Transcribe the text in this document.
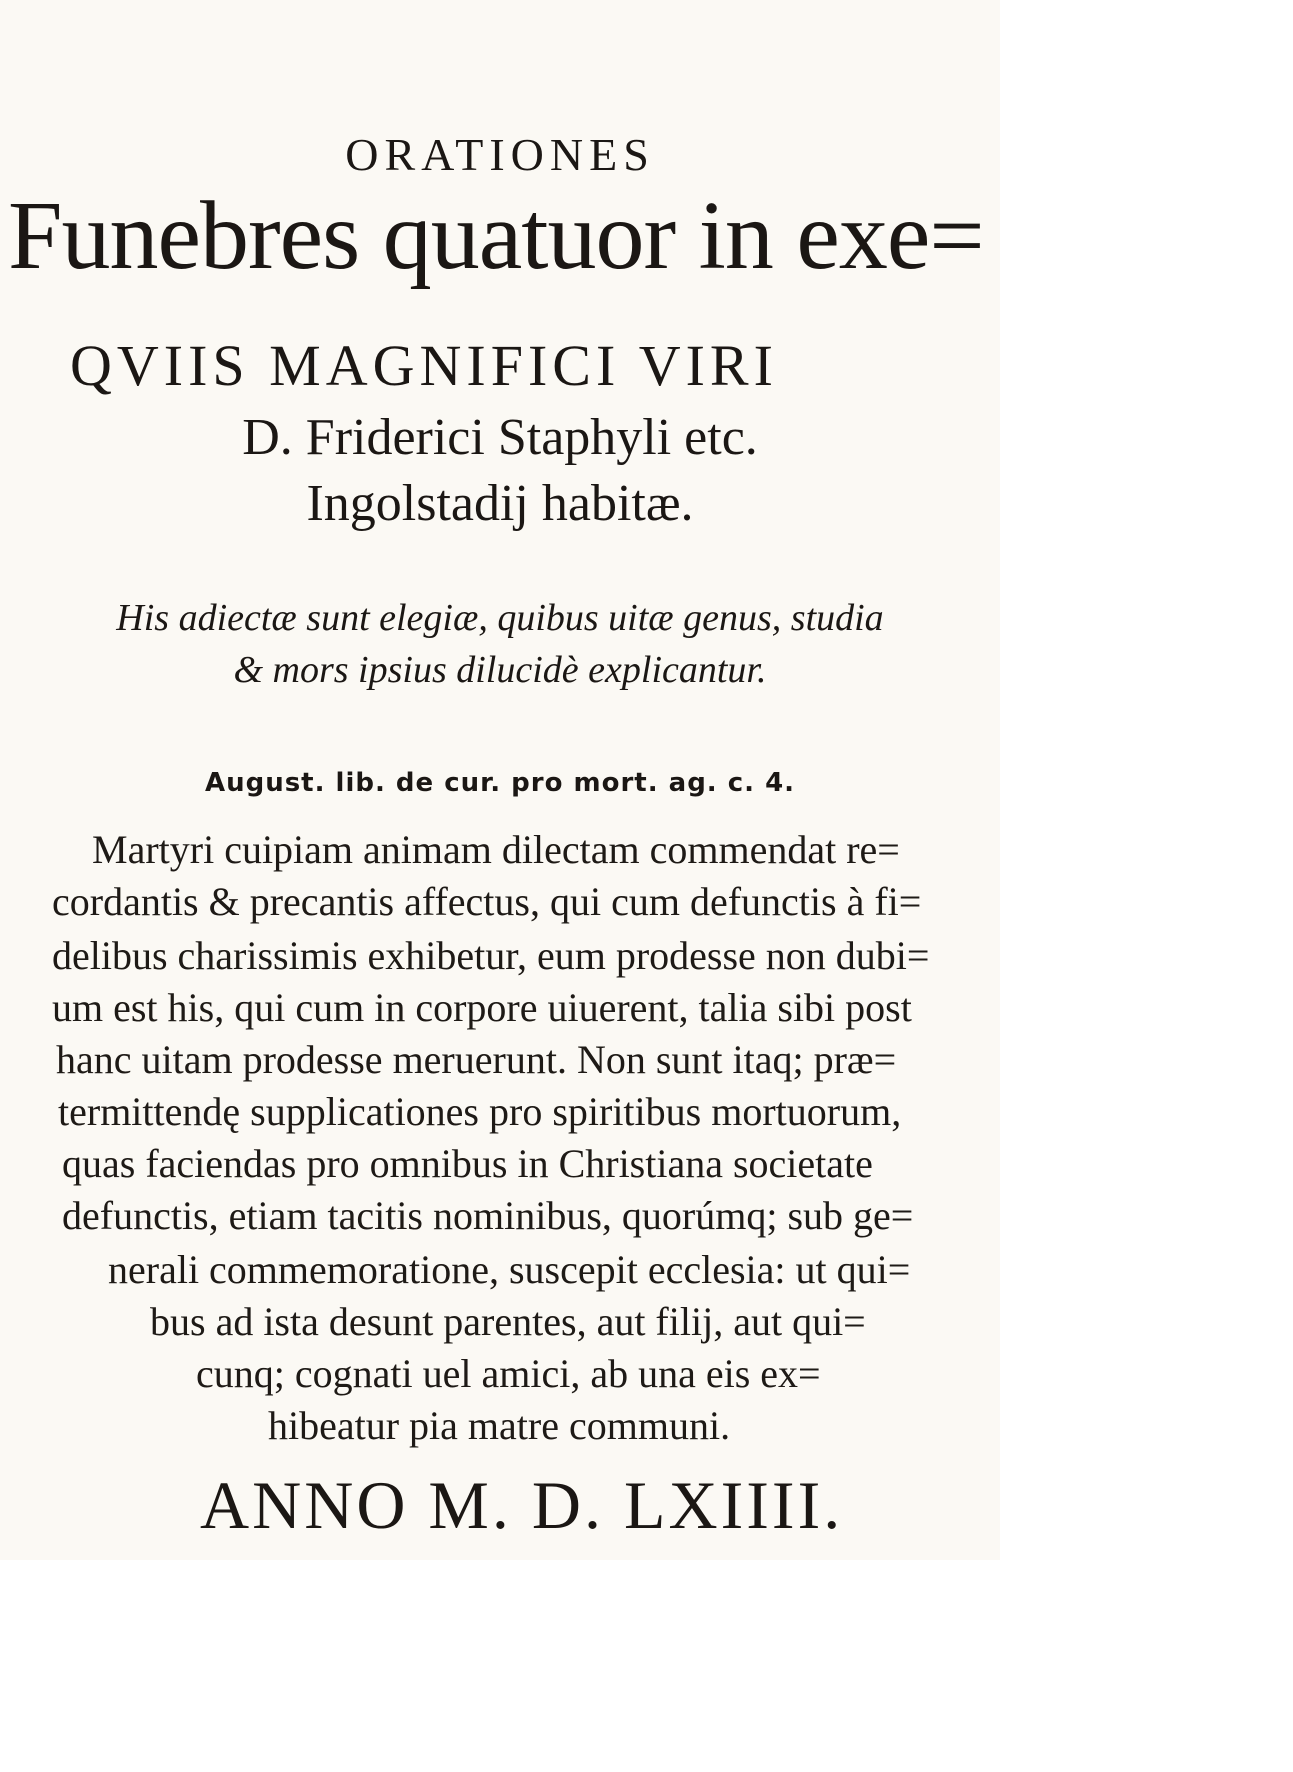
ORATIONES
Funebres quatuor in exe=
QVIIS MAGNIFICI VIRI
D. Friderici Staphyli etc.
Ingolstadij habitæ.
His adiectæ sunt elegiæ, quibus uitæ genus, studia
& mors ipsius dilucidè explicantur.
August. lib. de cur. pro mort. ag. c. 4.
Martyri cuipiam animam dilectam commendat re=
cordantis & precantis affectus, qui cum defunctis à fi=
delibus charissimis exhibetur, eum prodesse non dubi=
um est his, qui cum in corpore uiuerent, talia sibi post
hanc uitam prodesse meruerunt. Non sunt itaq; præ=
termittendę supplicationes pro spiritibus mortuorum,
quas faciendas pro omnibus in Christiana societate
defunctis, etiam tacitis nominibus, quorúmq; sub ge=
nerali commemoratione, suscepit ecclesia: ut qui=
bus ad ista desunt parentes, aut filij, aut qui=
cunq; cognati uel amici, ab una eis ex=
hibeatur pia matre communi.
ANNO M. D. LXIIII.
